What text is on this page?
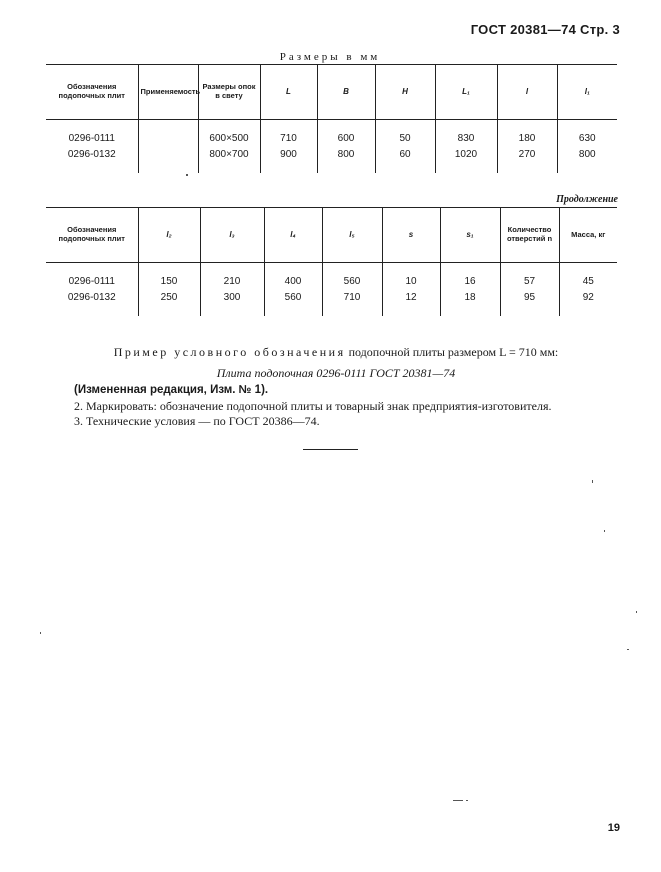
ГОСТ 20381—74 Стр. 3
Размеры в мм
Обозначения подопочных плит	Применяемость	Размеры опок в свету	L	B	H	L₁	l	l₁
0296-0111		600×500	710	600	50	830	180	630
0296-0132		800×700	900	800	60	1020	270	800
Продолжение
Обозначения подопочных плит	l₂	l₃	l₄	l₅	s	s₁	Количество отверстий n	Масса, кг
0296-0111	150	210	400	560	10	16	57	45
0296-0132	250	300	560	710	12	18	95	92
Пример условного обозначения подопочной плиты размером L = 710 мм:
Плита подопочная 0296-0111 ГОСТ 20381—74
(Измененная редакция, Изм. № 1).
2. Маркировать: обозначение подопочной плиты и товарный знак предприятия-изготовителя.
3. Технические условия — по ГОСТ 20386—74.
19
